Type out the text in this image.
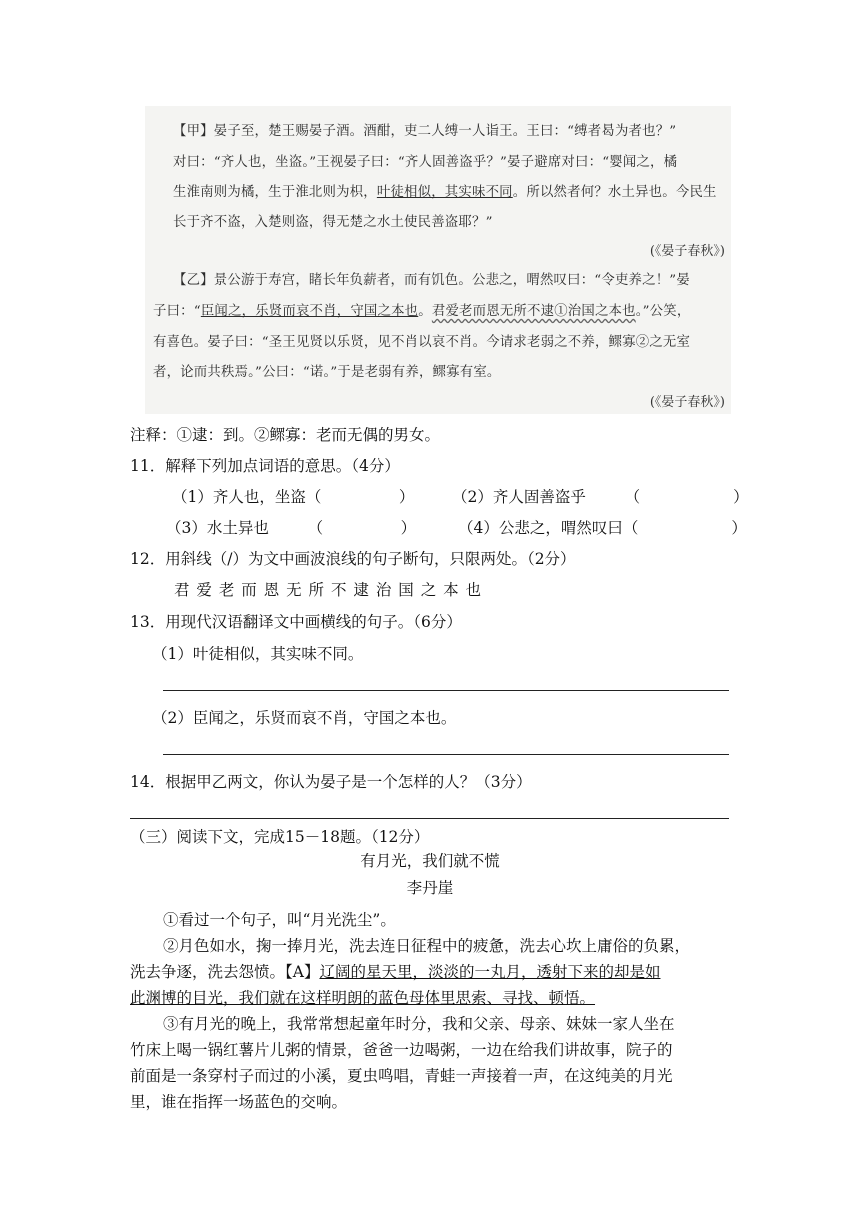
【甲】晏子至，楚王赐晏子酒。酒酣，吏二人缚一人诣王。王曰：“缚者曷为者也？”
对曰：“齐人也，坐盗。”王视晏子曰：“齐人固善盗乎？”晏子避席对曰：“婴闻之，橘
生淮南则为橘，生于淮北则为枳，叶徒相似，其实味不同。所以然者何？水土异也。今民生
长于齐不盗，入楚则盗，得无楚之水土使民善盗耶？”
(《晏子春秋》)
【乙】景公游于寿宫，睹长年负薪者，而有饥色。公悲之，喟然叹曰：“令吏养之！”晏
子曰：“臣闻之，乐贤而哀不肖，守国之本也。君爱老而恩无所不逮①治国之本也。”公笑，
有喜色。晏子曰：“圣王见贤以乐贤，见不肖以哀不肖。今请求老弱之不养，鳏寡②之无室
者，论而共秩焉。”公曰：“诺。”于是老弱有养，鳏寡有室。
(《晏子春秋》)
注释：①逮：到。②鳏寡：老而无偶的男女。
11．解释下列加点词语的意思。（4分）
（1）齐人也，坐盗（　　　　　） （2）齐人固善盗乎　　　（　　　　　　）
（3）水土异也　　　（　　　　　）	（4）公悲之，喟然叹曰（　　　　　　）
12．用斜线（/）为文中画波浪线的句子断句，只限两处。（2分）
君 爱 老 而 恩 无 所 不 逮 治 国 之 本 也
13．用现代汉语翻译文中画横线的句子。（6分）
（1）叶徒相似，其实味不同。
（2）臣闻之，乐贤而哀不肖，守国之本也。
14．根据甲乙两文，你认为晏子是一个怎样的人？（3分）
（三）阅读下文，完成15－18题。（12分）
有月光，我们就不慌
李丹崖
①看过一个句子，叫“月光洗尘”。
②月色如水，掬一捧月光，洗去连日征程中的疲惫，洗去心坎上庸俗的负累，
洗去争逐，洗去怨愤。【A】辽阔的星天里，淡淡的一丸月，透射下来的却是如
此渊博的目光，我们就在这样明朗的蓝色母体里思索、寻找、顿悟。
③有月光的晚上，我常常想起童年时分，我和父亲、母亲、妹妹一家人坐在
竹床上喝一锅红薯片儿粥的情景，爸爸一边喝粥，一边在给我们讲故事，院子的
前面是一条穿村子而过的小溪，夏虫鸣唱，青蛙一声接着一声，在这纯美的月光
里，谁在指挥一场蓝色的交响。
